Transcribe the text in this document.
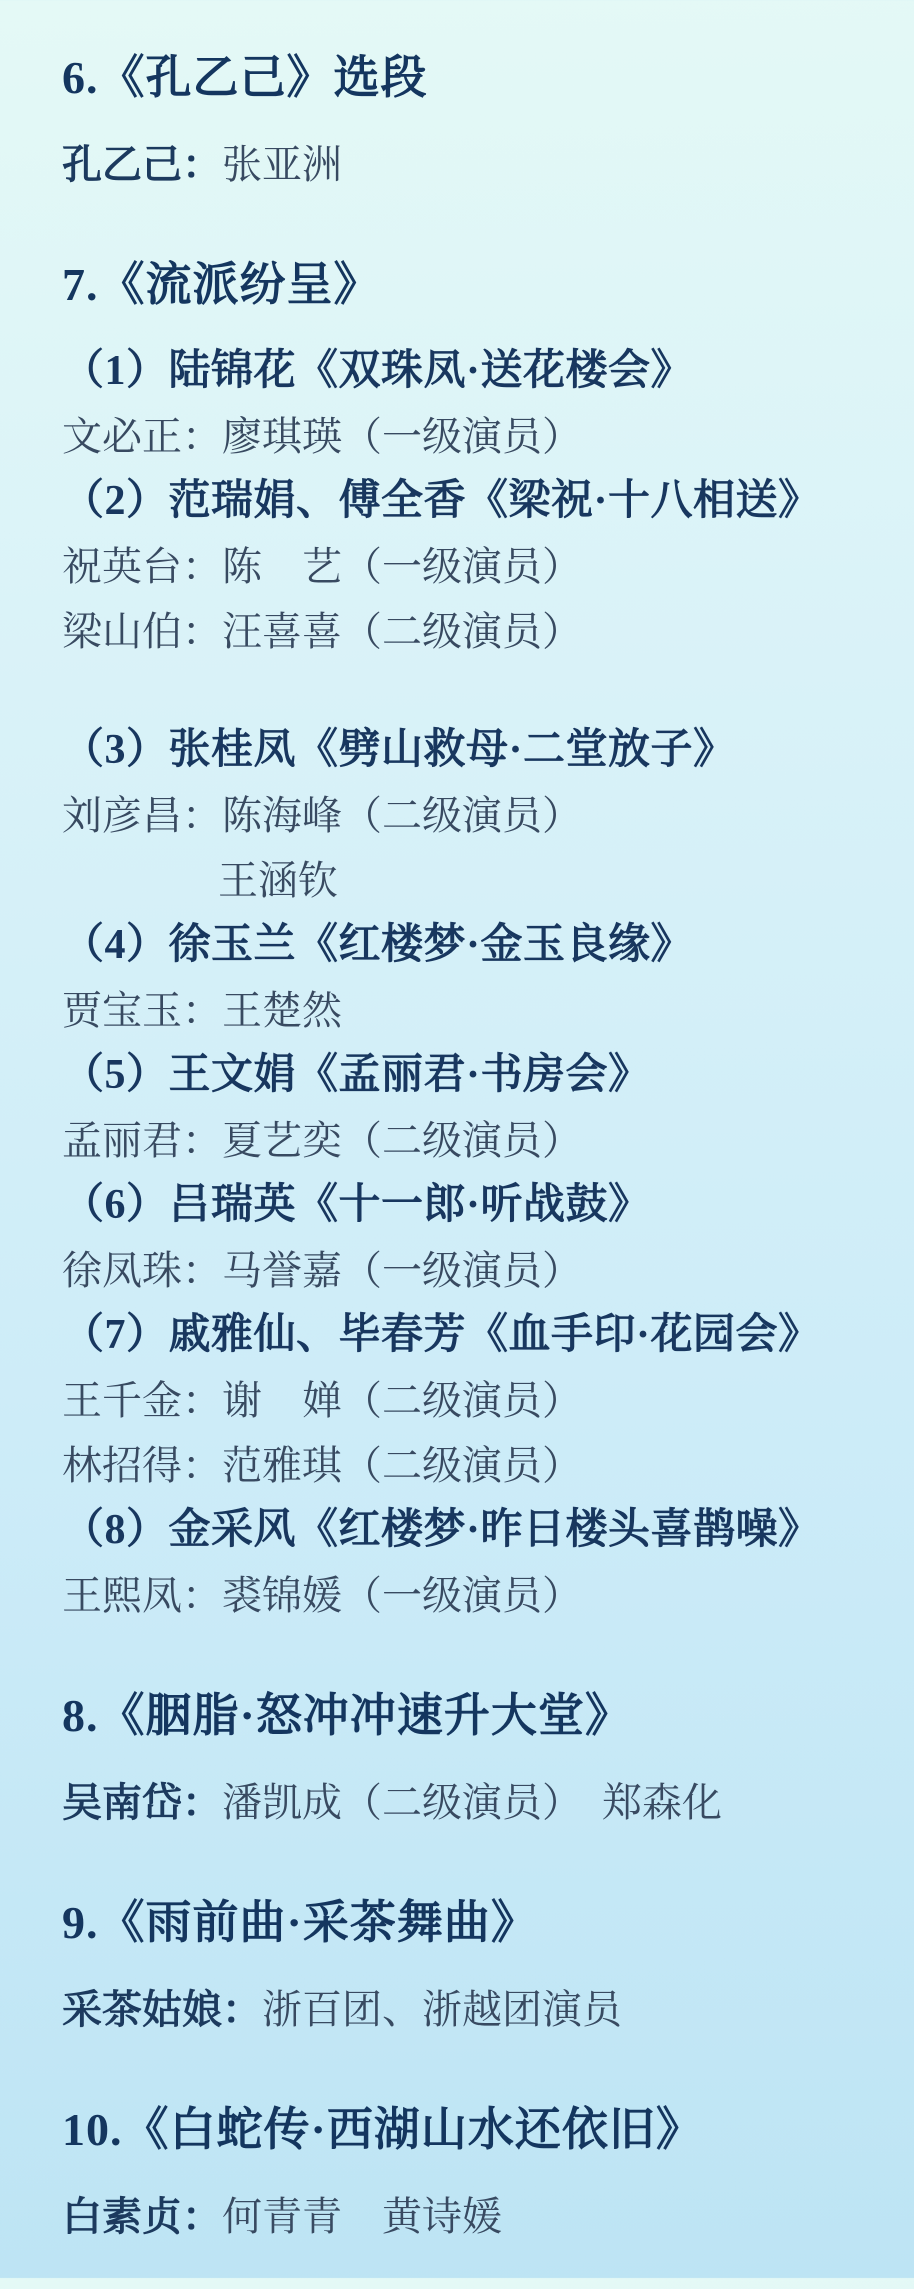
6.《孔乙己》选段
孔乙己：张亚洲
7.《流派纷呈》
（1）陆锦花《双珠凤·送花楼会》
文必正：廖琪瑛（一级演员）
（2）范瑞娟、傅全香《梁祝·十八相送》
祝英台：陈　艺（一级演员）
梁山伯：汪喜喜（二级演员）
（3）张桂凤《劈山救母·二堂放子》
刘彦昌：陈海峰（二级演员）
王涵钦
（4）徐玉兰《红楼梦·金玉良缘》
贾宝玉：王楚然
（5）王文娟《孟丽君·书房会》
孟丽君：夏艺奕（二级演员）
（6）吕瑞英《十一郎·听战鼓》
徐凤珠：马誉嘉（一级演员）
（7）戚雅仙、毕春芳《血手印·花园会》
王千金：谢　婵（二级演员）
林招得：范雅琪（二级演员）
（8）金采风《红楼梦·昨日楼头喜鹊噪》
王熙凤：裘锦媛（一级演员）
8.《胭脂·怒冲冲速升大堂》
吴南岱：潘凯成（二级演员）　郑森化
9.《雨前曲·采茶舞曲》
采茶姑娘：浙百团、浙越团演员
10.《白蛇传·西湖山水还依旧》
白素贞：何青青　黄诗媛
